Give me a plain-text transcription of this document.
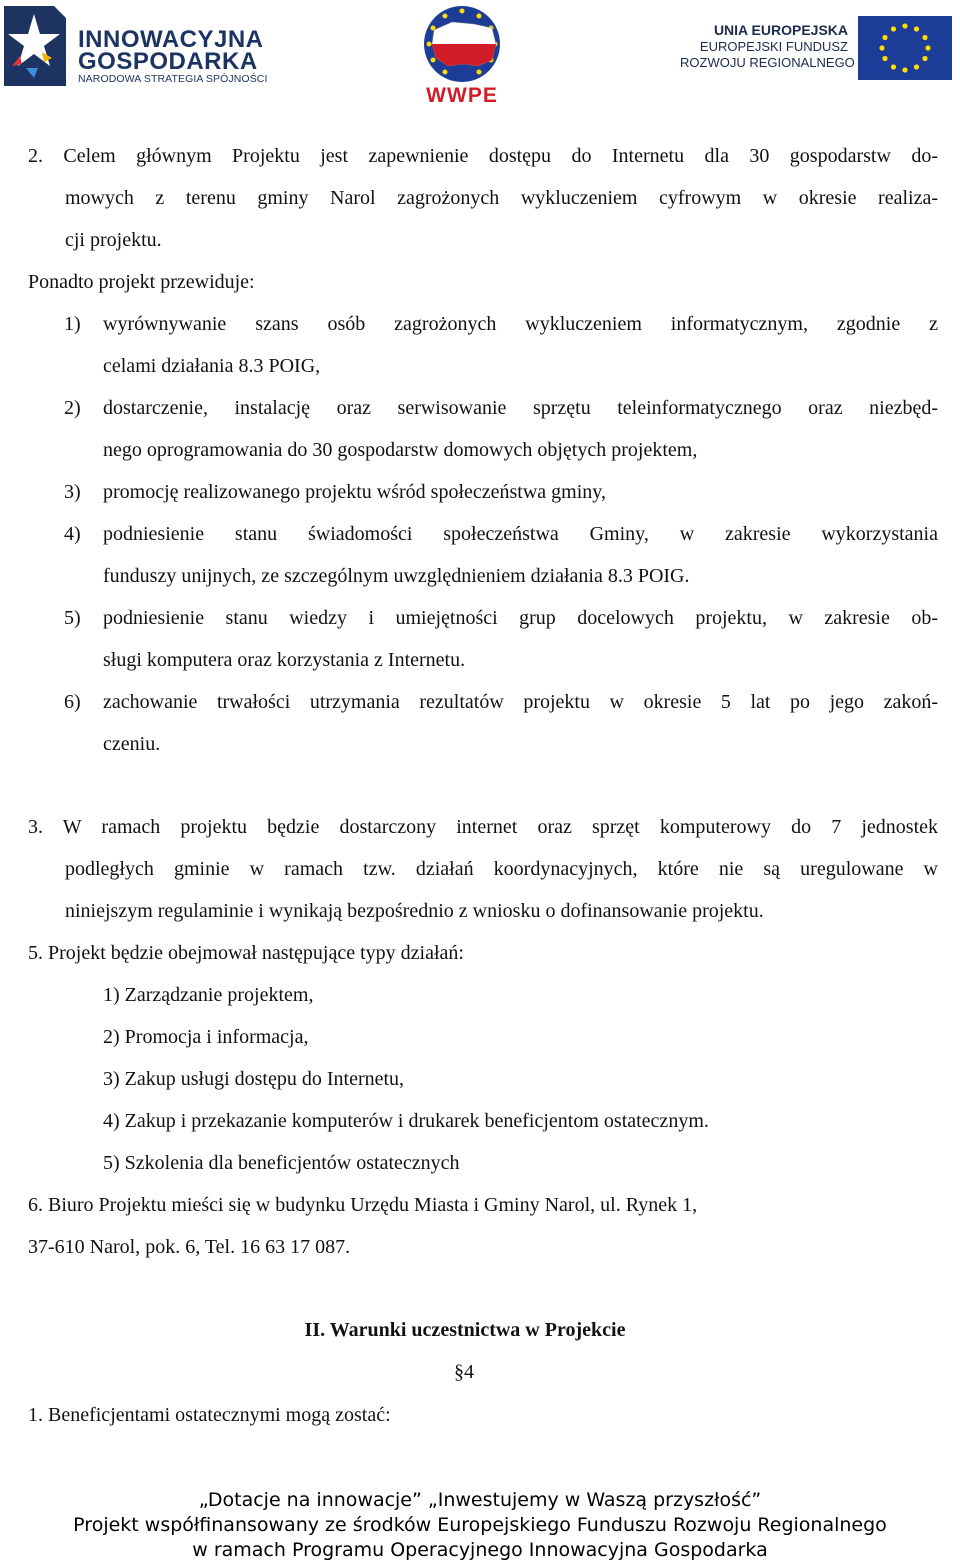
INNOWACYJNA
GOSPODARKA
NARODOWA STRATEGIA SPÓJNOŚCI
WWPE
UNIA EUROPEJSKA
EUROPEJSKI FUNDUSZ
ROZWOJU REGIONALNEGO
2. Celem głównym Projektu jest zapewnienie dostępu do Internetu dla 30 gospodarstw do-
mowych z terenu gminy Narol zagrożonych wykluczeniem cyfrowym w okresie realiza-
cji projektu.
Ponadto projekt przewiduje:
1) wyrównywanie szans osób zagrożonych wykluczeniem informatycznym, zgodnie z
celami działania 8.3 POIG,
2) dostarczenie, instalację oraz serwisowanie sprzętu teleinformatycznego oraz niezbęd-
nego oprogramowania do 30 gospodarstw domowych objętych projektem,
3) promocję realizowanego projektu wśród społeczeństwa gminy,
4) podniesienie stanu świadomości społeczeństwa Gminy, w zakresie wykorzystania
funduszy unijnych, ze szczególnym uwzględnieniem działania 8.3 POIG.
5) podniesienie stanu wiedzy i umiejętności grup docelowych projektu, w zakresie ob-
sługi komputera oraz korzystania z Internetu.
6) zachowanie trwałości utrzymania rezultatów projektu w okresie 5 lat po jego zakoń-
czeniu.
3. W ramach projektu będzie dostarczony internet oraz sprzęt komputerowy do 7 jednostek
podległych gminie w ramach tzw. działań koordynacyjnych, które nie są uregulowane w
niniejszym regulaminie i wynikają bezpośrednio z wniosku o dofinansowanie projektu.
5. Projekt będzie obejmował następujące typy działań:
1) Zarządzanie projektem,
2) Promocja i informacja,
3) Zakup usługi dostępu do Internetu,
4) Zakup i przekazanie komputerów i drukarek beneficjentom ostatecznym.
5) Szkolenia dla beneficjentów ostatecznych
6. Biuro Projektu mieści się w budynku Urzędu Miasta i Gminy Narol, ul. Rynek 1,
37-610 Narol, pok. 6, Tel. 16 63 17 087.
II. Warunki uczestnictwa w Projekcie
§4
1. Beneficjentami ostatecznymi mogą zostać:
„Dotacje na innowacje” „Inwestujemy w Waszą przyszłość”
Projekt współfinansowany ze środków Europejskiego Funduszu Rozwoju Regionalnego
w ramach Programu Operacyjnego Innowacyjna Gospodarka
